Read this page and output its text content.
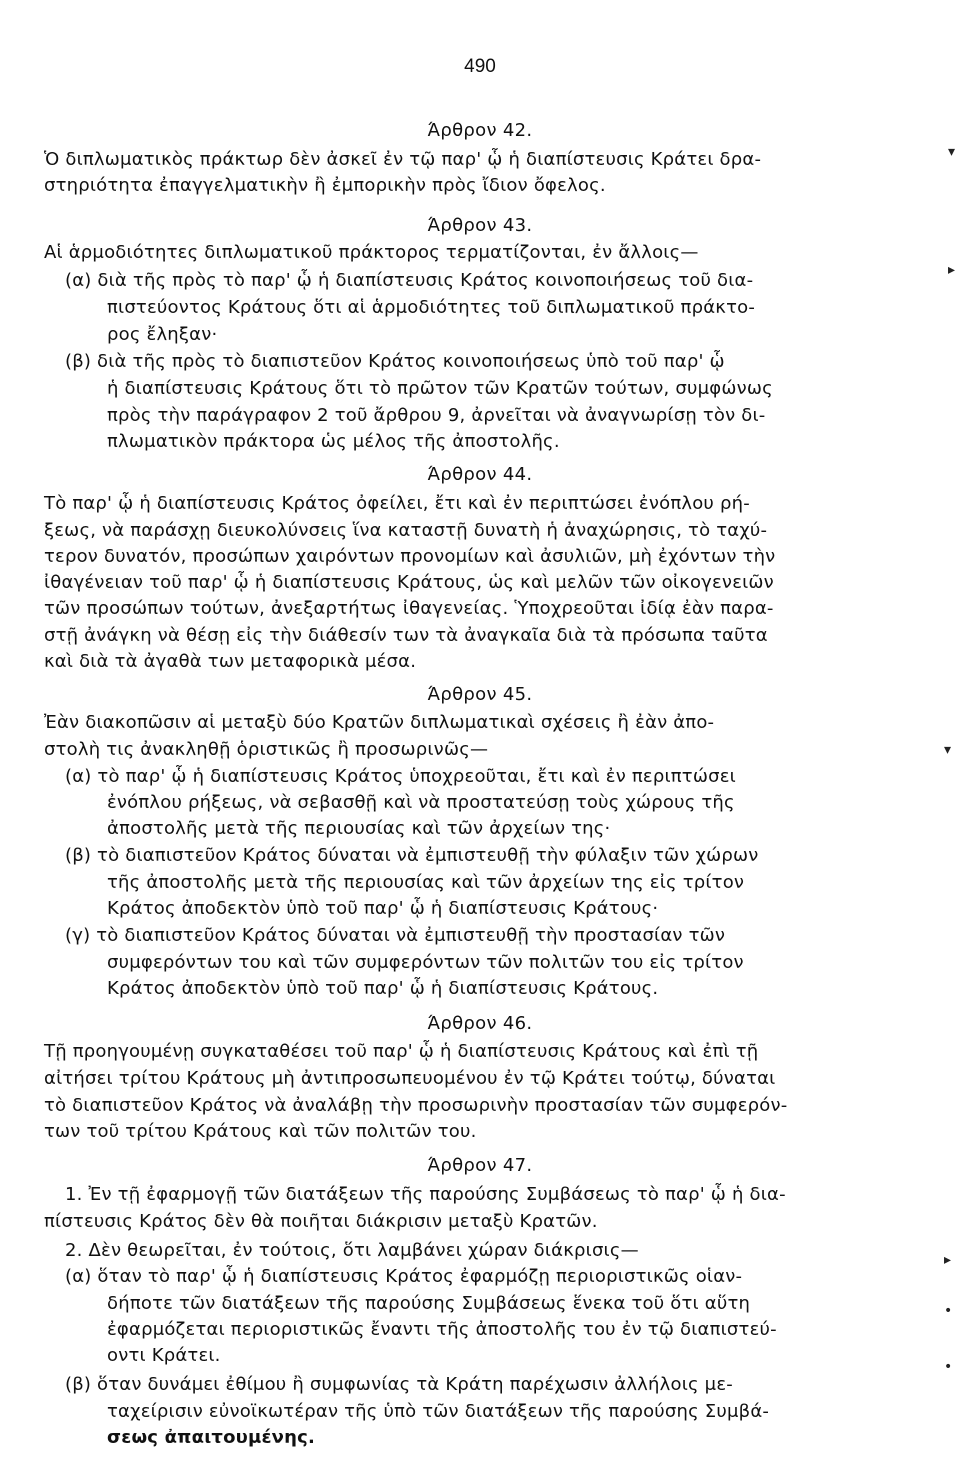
490
Άρθρον 42.
Ὁ διπλωματικὸς πράκτωρ δὲν ἀσκεῖ ἐν τῷ παρ' ᾧ ἡ διαπίστευσις Κράτει δρα-
στηριότητα ἐπαγγελματικὴν ἢ ἐμπορικὴν πρὸς ἴδιον ὄφελος.
Άρθρον 43.
Αἱ ἁρμοδιότητες διπλωματικοῦ πράκτορος τερματίζονται, ἐν ἄλλοις—
(α) διὰ τῆς πρὸς τὸ παρ' ᾧ ἡ διαπίστευσις Κράτος κοινοποιήσεως τοῦ δια-
πιστεύοντος Κράτους ὅτι αἱ ἁρμοδιότητες τοῦ διπλωματικοῦ πράκτο-
ρος ἔληξαν·
(β) διὰ τῆς πρὸς τὸ διαπιστεῦον Κράτος κοινοποιήσεως ὑπὸ τοῦ παρ' ᾧ
ἡ διαπίστευσις Κράτους ὅτι τὸ πρῶτον τῶν Κρατῶν τούτων, συμφώνως
πρὸς τὴν παράγραφον 2 τοῦ ἄρθρου 9, ἀρνεῖται νὰ ἀναγνωρίσῃ τὸν δι-
πλωματικὸν πράκτορα ὡς μέλος τῆς ἀποστολῆς.
Άρθρον 44.
Τὸ παρ' ᾧ ἡ διαπίστευσις Κράτος ὀφείλει, ἔτι καὶ ἐν περιπτώσει ἐνόπλου ρή-
ξεως, νὰ παράσχῃ διευκολύνσεις ἵνα καταστῇ δυνατὴ ἡ ἀναχώρησις, τὸ ταχύ-
τερον δυνατόν, προσώπων χαιρόντων προνομίων καὶ ἀσυλιῶν, μὴ ἐχόντων τὴν
ἰθαγένειαν τοῦ παρ' ᾧ ἡ διαπίστευσις Κράτους, ὡς καὶ μελῶν τῶν οἰκογενειῶν
τῶν προσώπων τούτων, ἀνεξαρτήτως ἰθαγενείας. Ὑποχρεοῦται ἰδίᾳ ἐὰν παρα-
στῇ ἀνάγκη νὰ θέσῃ εἰς τὴν διάθεσίν των τὰ ἀναγκαῖα διὰ τὰ πρόσωπα ταῦτα
καὶ διὰ τὰ ἀγαθὰ των μεταφορικὰ μέσα.
Άρθρον 45.
Ἐὰν διακοπῶσιν αἱ μεταξὺ δύο Κρατῶν διπλωματικαὶ σχέσεις ἢ ἐὰν ἀπο-
στολὴ τις ἀνακληθῇ ὁριστικῶς ἢ προσωρινῶς—
(α) τὸ παρ' ᾧ ἡ διαπίστευσις Κράτος ὑποχρεοῦται, ἔτι καὶ ἐν περιπτώσει
ἐνόπλου ρήξεως, νὰ σεβασθῇ καὶ νὰ προστατεύσῃ τοὺς χώρους τῆς
ἀποστολῆς μετὰ τῆς περιουσίας καὶ τῶν ἀρχείων της·
(β) τὸ διαπιστεῦον Κράτος δύναται νὰ ἐμπιστευθῇ τὴν φύλαξιν τῶν χώρων
τῆς ἀποστολῆς μετὰ τῆς περιουσίας καὶ τῶν ἀρχείων της εἰς τρίτον
Κράτος ἀποδεκτὸν ὑπὸ τοῦ παρ' ᾧ ἡ διαπίστευσις Κράτους·
(γ) τὸ διαπιστεῦον Κράτος δύναται νὰ ἐμπιστευθῇ τὴν προστασίαν τῶν
συμφερόντων του καὶ τῶν συμφερόντων τῶν πολιτῶν του εἰς τρίτον
Κράτος ἀποδεκτὸν ὑπὸ τοῦ παρ' ᾧ ἡ διαπίστευσις Κράτους.
Άρθρον 46.
Τῇ προηγουμένῃ συγκαταθέσει τοῦ παρ' ᾧ ἡ διαπίστευσις Κράτους καὶ ἐπὶ τῇ
αἰτήσει τρίτου Κράτους μὴ ἀντιπροσωπευομένου ἐν τῷ Κράτει τούτῳ, δύναται
τὸ διαπιστεῦον Κράτος νὰ ἀναλάβῃ τὴν προσωρινὴν προστασίαν τῶν συμφερόν-
των τοῦ τρίτου Κράτους καὶ τῶν πολιτῶν του.
Άρθρον 47.
1. Ἐν τῇ ἐφαρμογῇ τῶν διατάξεων τῆς παρούσης Συμβάσεως τὸ παρ' ᾧ ἡ δια-
πίστευσις Κράτος δὲν θὰ ποιῆται διάκρισιν μεταξὺ Κρατῶν.
2. Δὲν θεωρεῖται, ἐν τούτοις, ὅτι λαμβάνει χώραν διάκρισις—
(α) ὅταν τὸ παρ' ᾧ ἡ διαπίστευσις Κράτος ἐφαρμόζῃ περιοριστικῶς οἱαν-
δήποτε τῶν διατάξεων τῆς παρούσης Συμβάσεως ἕνεκα τοῦ ὅτι αὕτη
ἐφαρμόζεται περιοριστικῶς ἔναντι τῆς ἀποστολῆς του ἐν τῷ διαπιστεύ-
οντι Κράτει.
(β) ὅταν δυνάμει ἐθίμου ἢ συμφωνίας τὰ Κράτη παρέχωσιν ἀλλήλοις με-
ταχείρισιν εὐνοϊκωτέραν τῆς ὑπὸ τῶν διατάξεων τῆς παρούσης Συμβά-
σεως ἀπαιτουμένης.
▾
▸
▾
▸
•
•
